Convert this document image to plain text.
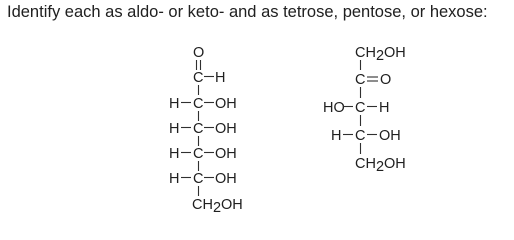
Identify each as aldo- or keto- and as tetrose, pentose, or hexose:
O
C H
H C OH
H C OH
H C OH
H C OH
CH2OH
CH2OH
C O
HO C H
H C OH
CH2OH
